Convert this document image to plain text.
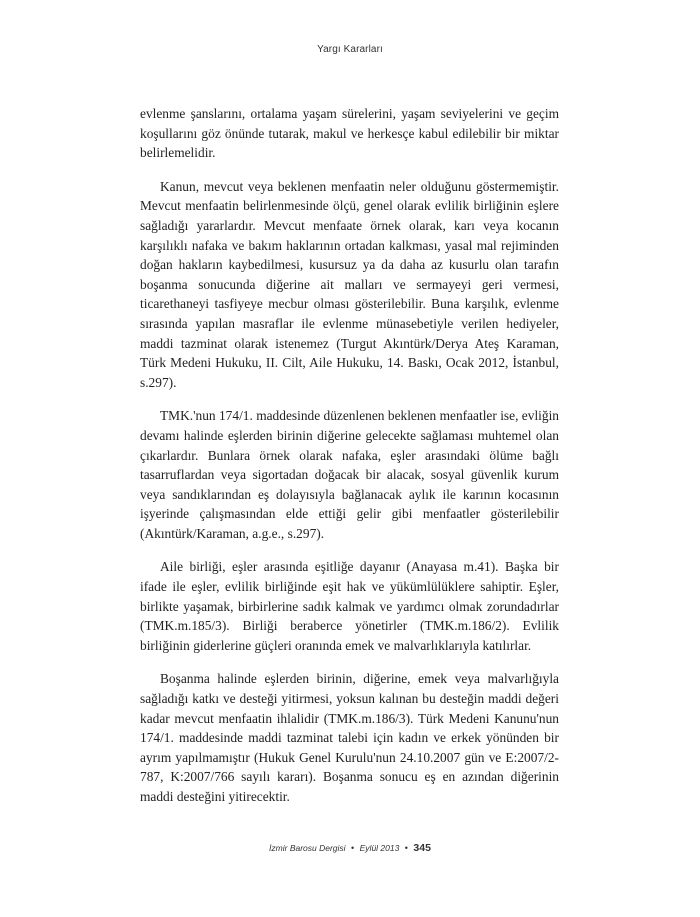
Yargı Kararları

evlenme şanslarını, ortalama yaşam sürelerini, yaşam seviyelerini ve geçim koşullarını göz önünde tutarak, makul ve herkesçe kabul edilebilir bir miktar belirlemelidir.

Kanun, mevcut veya beklenen menfaatin neler olduğunu göstermemiştir. Mevcut menfaatin belirlenmesinde ölçü, genel olarak evlilik birliğinin eşlere sağladığı yararlardır. Mevcut menfaate örnek olarak, karı veya kocanın karşılıklı nafaka ve bakım haklarının ortadan kalkması, yasal mal rejiminden doğan hakların kaybedilmesi, kusursuz ya da daha az kusurlu olan tarafın boşanma sonucunda diğerine ait malları ve sermayeyi geri vermesi, ticarethaneyi tasfiyeye mecbur olması gösterilebilir. Buna karşılık, evlenme sırasında yapılan masraflar ile evlenme münasebetiyle verilen hediyeler, maddi tazminat olarak istenemez (Turgut Akıntürk/Derya Ateş Karaman, Türk Medeni Hukuku, II. Cilt, Aile Hukuku, 14. Baskı, Ocak 2012, İstanbul, s.297).

TMK.'nun 174/1. maddesinde düzenlenen beklenen menfaatler ise, evliğin devamı halinde eşlerden birinin diğerine gelecekte sağlaması muhtemel olan çıkarlardır. Bunlara örnek olarak nafaka, eşler arasındaki ölüme bağlı tasarruflardan veya sigortadan doğacak bir alacak, sosyal güvenlik kurum veya sandıklarından eş dolayısıyla bağlanacak aylık ile karının kocasının işyerinde çalışmasından elde ettiği gelir gibi menfaatler gösterilebilir (Akıntürk/Karaman, a.g.e., s.297).

Aile birliği, eşler arasında eşitliğe dayanır (Anayasa m.41). Başka bir ifade ile eşler, evlilik birliğinde eşit hak ve yükümlülüklere sahiptir. Eşler, birlikte yaşamak, birbirlerine sadık kalmak ve yardımcı olmak zorundadırlar (TMK.m.185/3). Birliği beraberce yönetirler (TMK.m.186/2). Evlilik birliğinin giderlerine güçleri oranında emek ve malvarlıklarıyla katılırlar.

Boşanma halinde eşlerden birinin, diğerine, emek veya malvarlığıyla sağladığı katkı ve desteği yitirmesi, yoksun kalınan bu desteğin maddi değeri kadar mevcut menfaatin ihlalidir (TMK.m.186/3). Türk Medeni Kanunu'nun 174/1. maddesinde maddi tazminat talebi için kadın ve erkek yönünden bir ayrım yapılmamıştır (Hukuk Genel Kurulu'nun 24.10.2007 gün ve E:2007/2-787, K:2007/766 sayılı kararı). Boşanma sonucu eş en azından diğerinin maddi desteğini yitirecektir.

İzmir Barosu Dergisi • Eylül 2013 • 345
